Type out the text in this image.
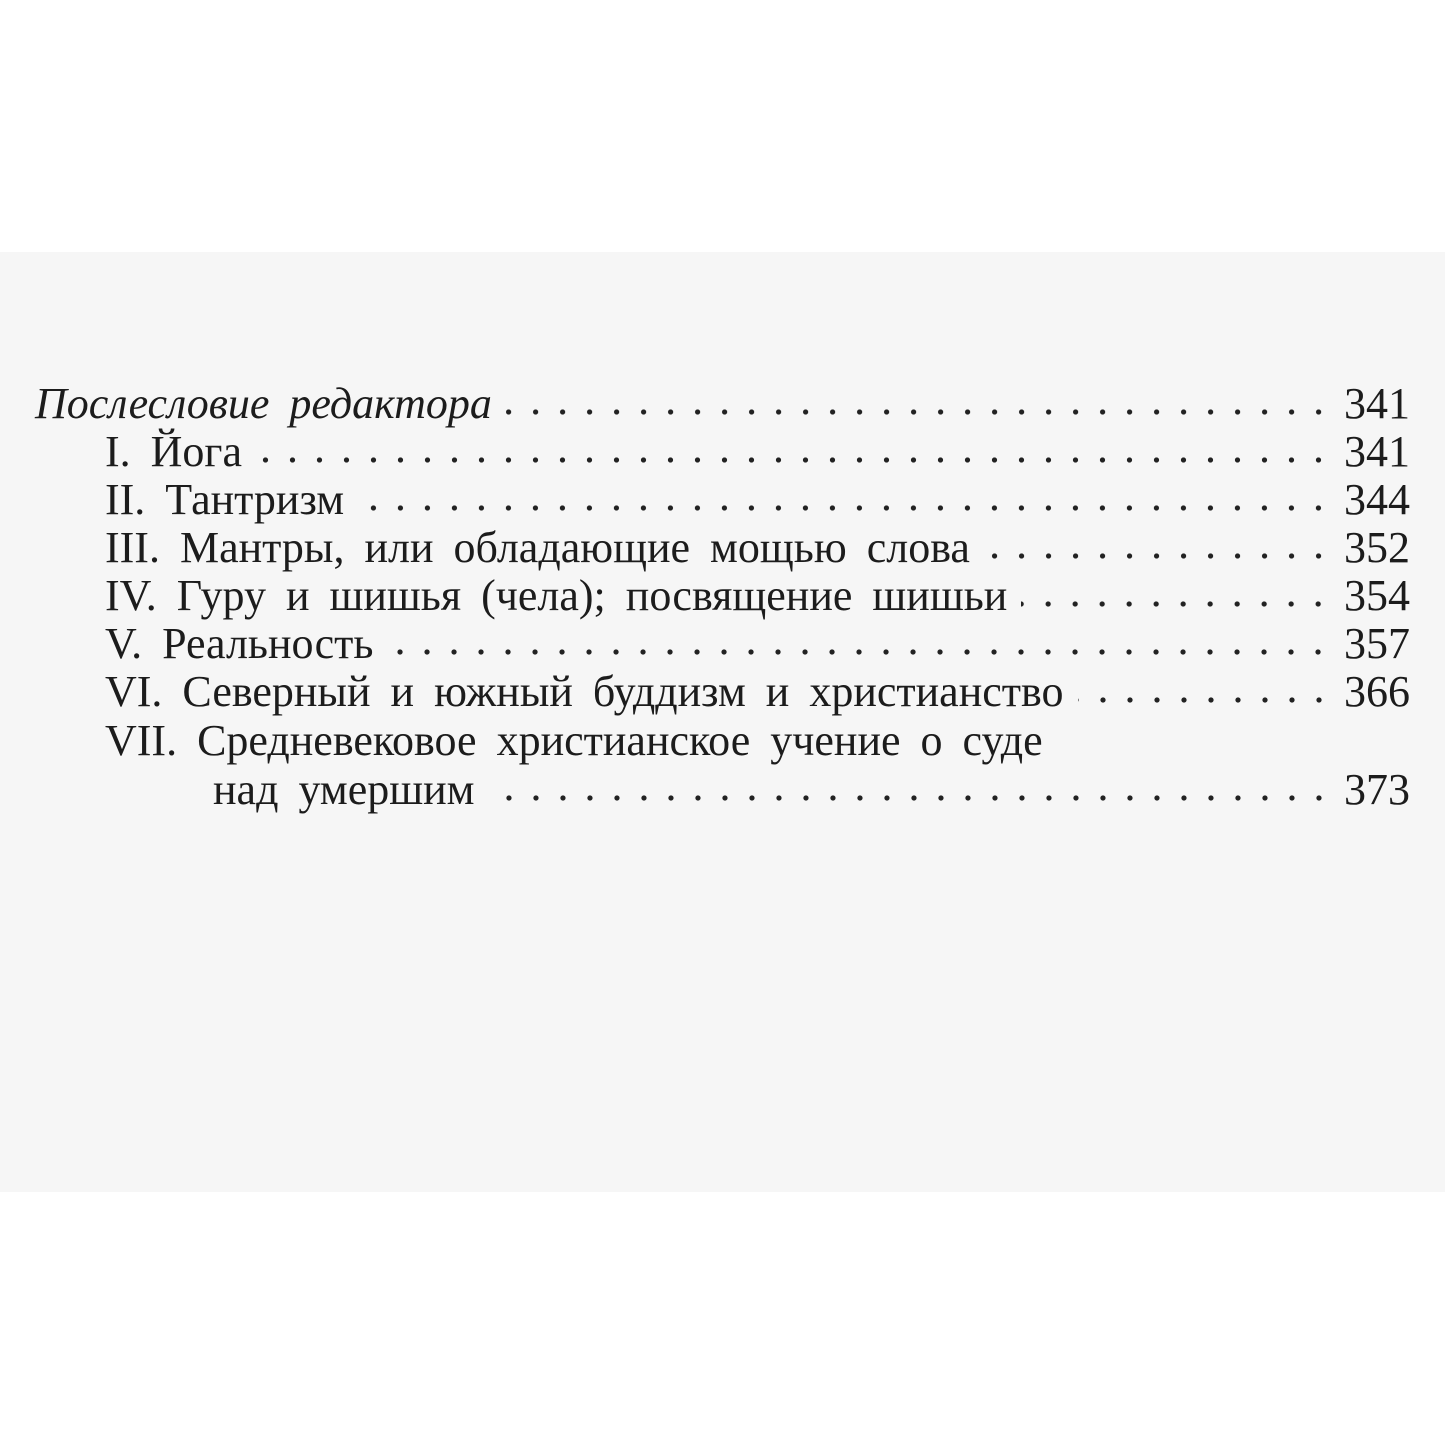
Послесловие редактора	341
I. Йога	341
II. Тантризм	344
III. Мантры, или обладающие мощью слова	352
IV. Гуру и шишья (чела); посвящение шишьи	354
V. Реальность	357
VI. Северный и южный буддизм и христианство	366
VII. Средневековое христианское учение о суде
над умершим	373
